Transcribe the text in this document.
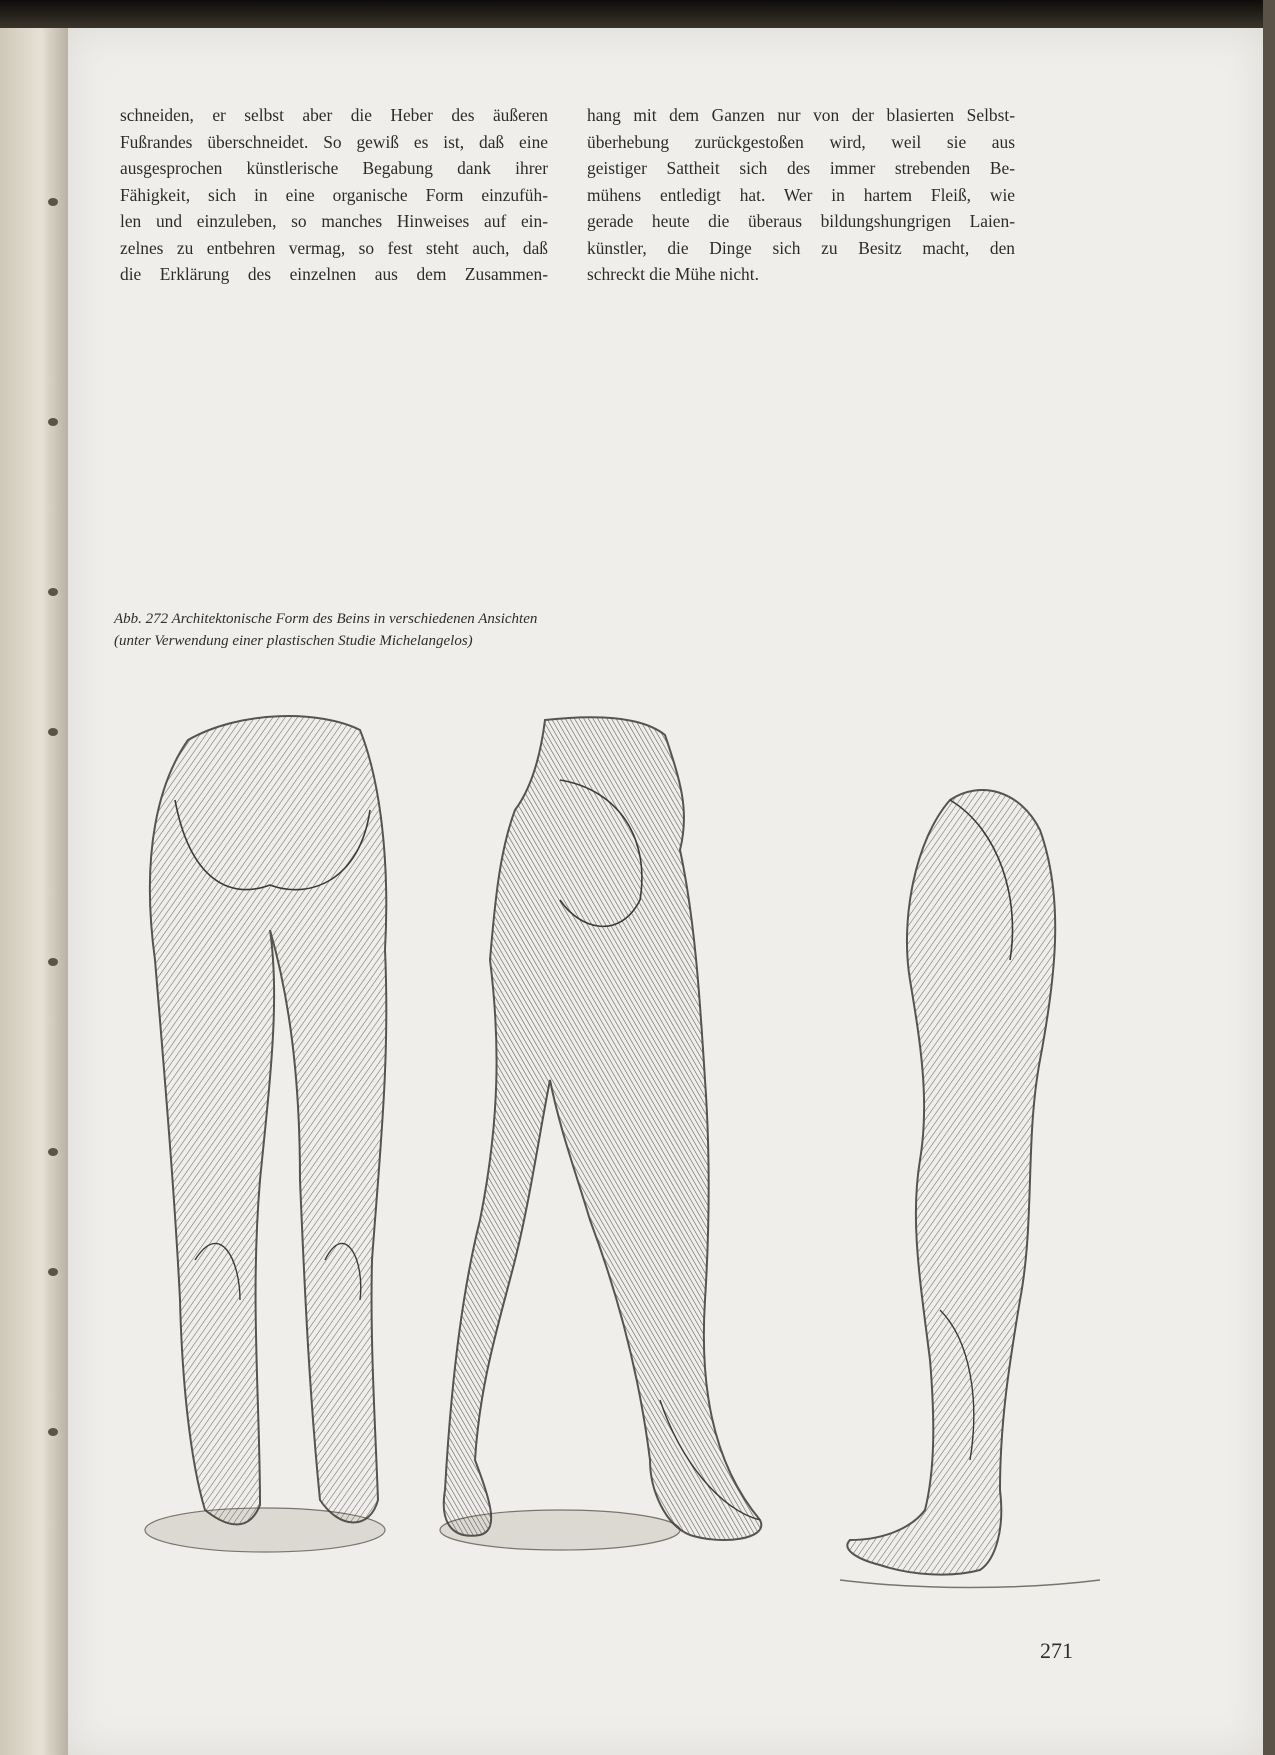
schneiden, er selbst aber die Heber des äußeren
Fußrandes überschneidet. So gewiß es ist, daß eine
ausgesprochen künstlerische Begabung dank ihrer
Fähigkeit, sich in eine organische Form einzufüh-
len und einzuleben, so manches Hinweises auf ein-
zelnes zu entbehren vermag, so fest steht auch, daß
die Erklärung des einzelnen aus dem Zusammen-
hang mit dem Ganzen nur von der blasierten Selbst-
überhebung zurückgestoßen wird, weil sie aus
geistiger Sattheit sich des immer strebenden Be-
mühens entledigt hat. Wer in hartem Fleiß, wie
gerade heute die überaus bildungshungrigen Laien-
künstler, die Dinge sich zu Besitz macht, den
schreckt die Mühe nicht.
Abb. 272 Architektonische Form des Beins in verschiedenen Ansichten
(unter Verwendung einer plastischen Studie Michelangelos)
271
